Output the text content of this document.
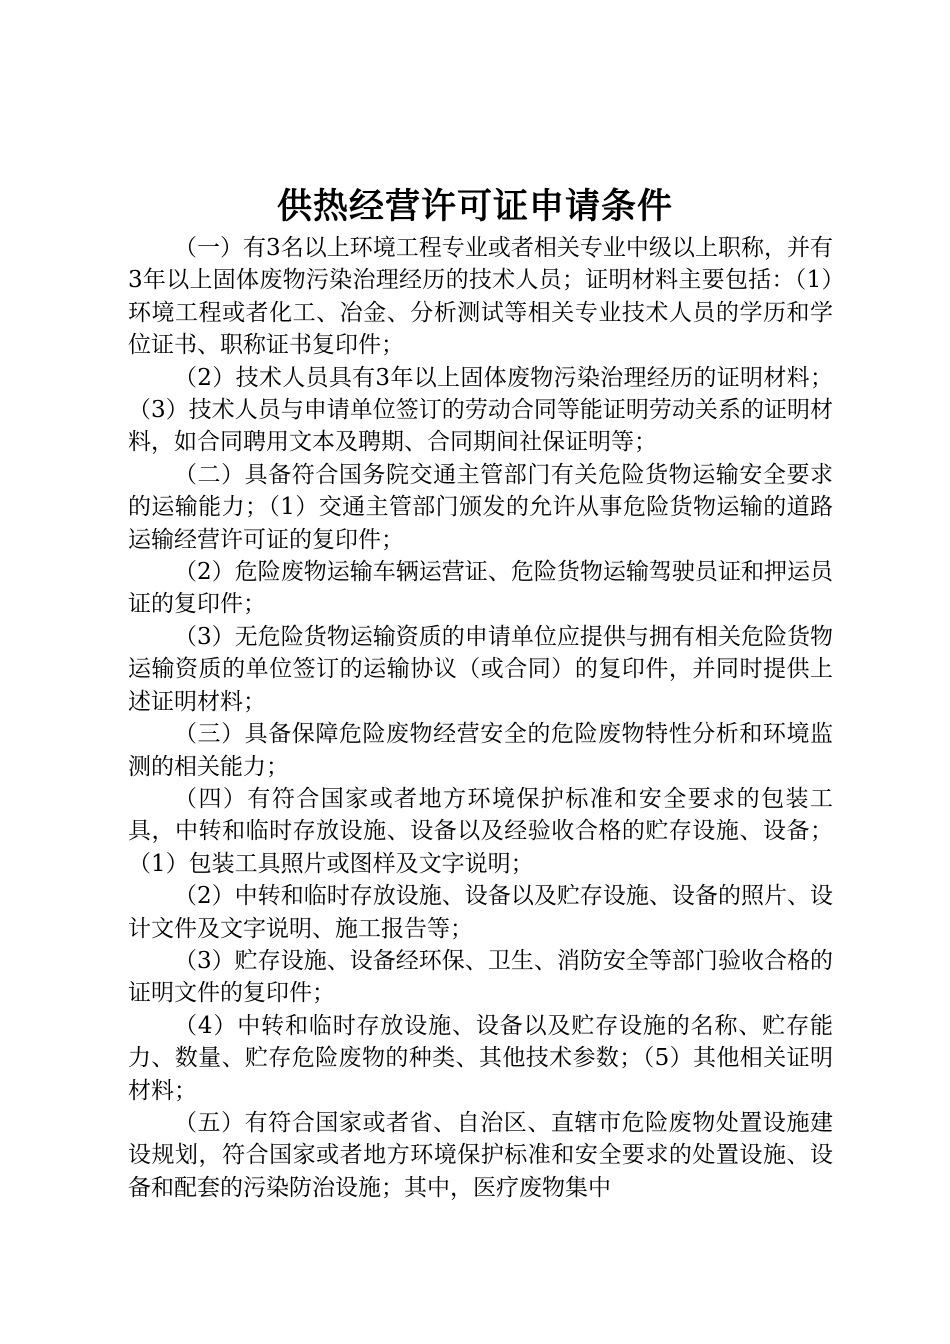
供热经营许可证申请条件

（一）有3名以上环境工程专业或者相关专业中级以上职称，并有3年以上固体废物污染治理经历的技术人员；证明材料主要包括：（1）环境工程或者化工、冶金、分析测试等相关专业技术人员的学历和学位证书、职称证书复印件；

（2）技术人员具有3年以上固体废物污染治理经历的证明材料；（3）技术人员与申请单位签订的劳动合同等能证明劳动关系的证明材料，如合同聘用文本及聘期、合同期间社保证明等；

（二）具备符合国务院交通主管部门有关危险货物运输安全要求的运输能力；（1）交通主管部门颁发的允许从事危险货物运输的道路运输经营许可证的复印件；

（2）危险废物运输车辆运营证、危险货物运输驾驶员证和押运员证的复印件；

（3）无危险货物运输资质的申请单位应提供与拥有相关危险货物运输资质的单位签订的运输协议（或合同）的复印件，并同时提供上述证明材料；

（三）具备保障危险废物经营安全的危险废物特性分析和环境监测的相关能力；

（四）有符合国家或者地方环境保护标准和安全要求的包装工具，中转和临时存放设施、设备以及经验收合格的贮存设施、设备；（1）包装工具照片或图样及文字说明；

（2）中转和临时存放设施、设备以及贮存设施、设备的照片、设计文件及文字说明、施工报告等；

（3）贮存设施、设备经环保、卫生、消防安全等部门验收合格的证明文件的复印件；

（4）中转和临时存放设施、设备以及贮存设施的名称、贮存能力、数量、贮存危险废物的种类、其他技术参数；（5）其他相关证明材料；

（五）有符合国家或者省、自治区、直辖市危险废物处置设施建设规划，符合国家或者地方环境保护标准和安全要求的处置设施、设备和配套的污染防治设施；其中，医疗废物集中
